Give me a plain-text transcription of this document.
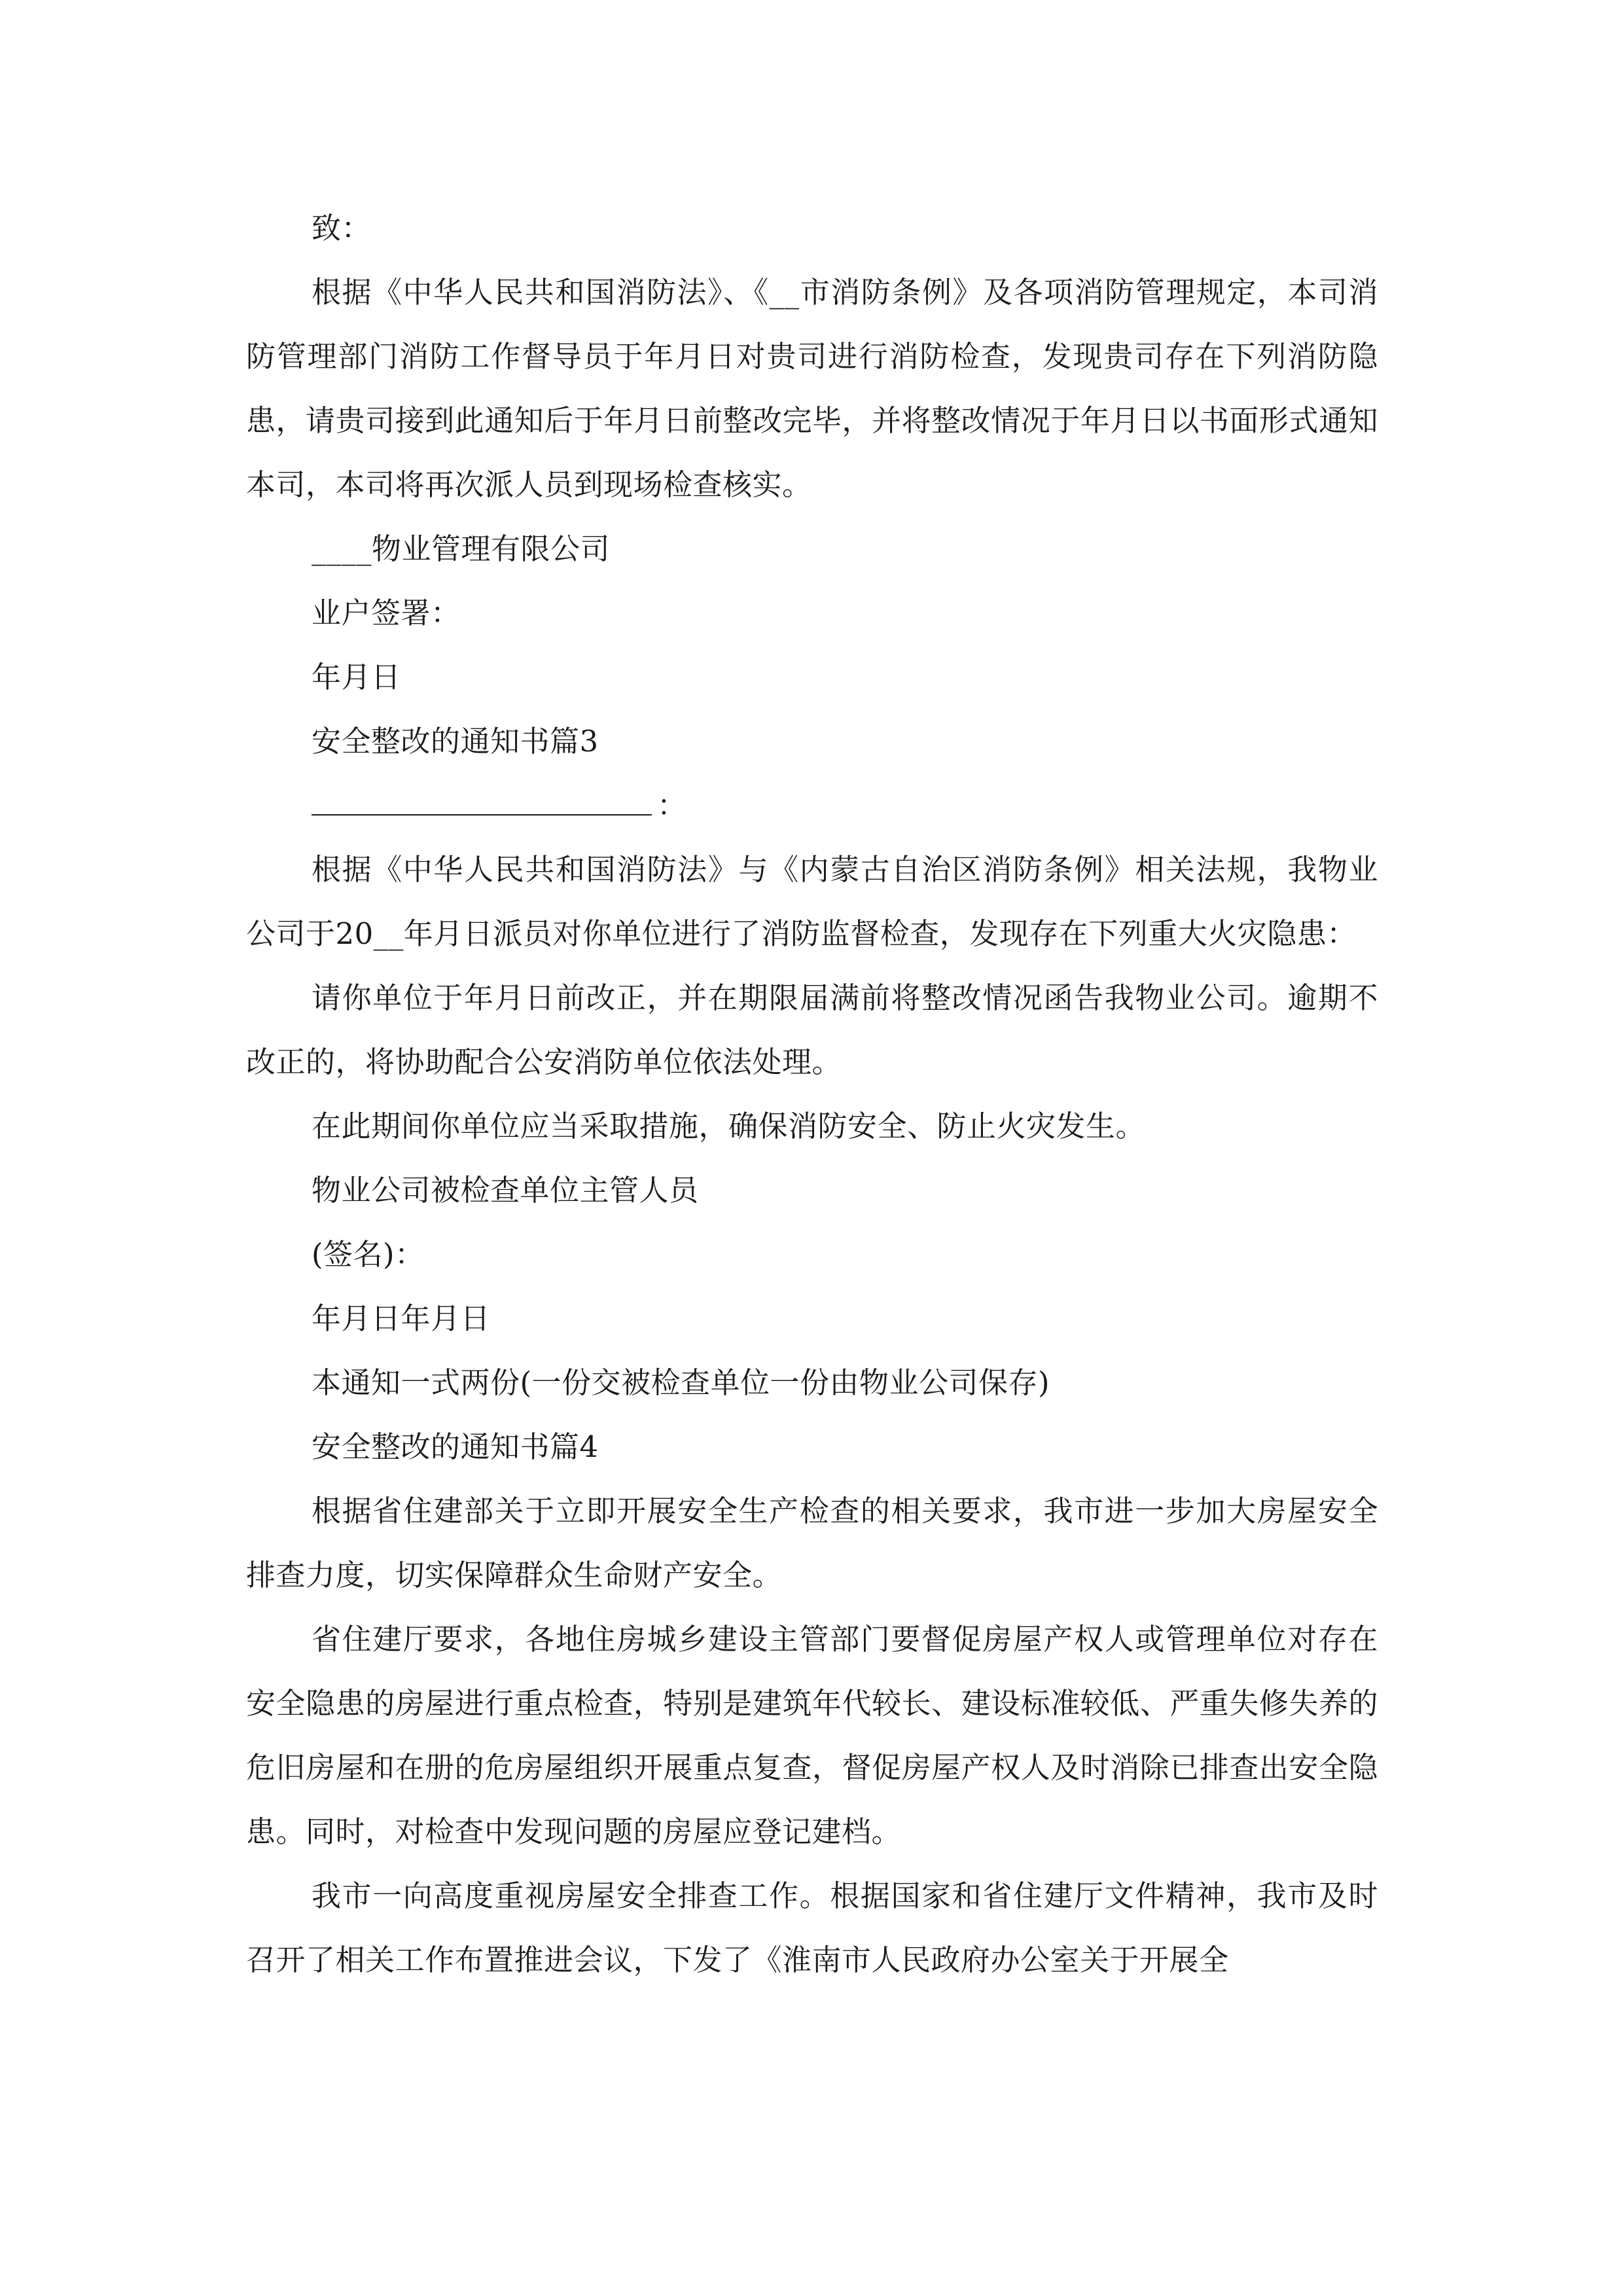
致：

根据《中华人民共和国消防法》、《__市消防条例》及各项消防管理规定，本司消防管理部门消防工作督导员于年月日对贵司进行消防检查，发现贵司存在下列消防隐患，请贵司接到此通知后于年月日前整改完毕，并将整改情况于年月日以书面形式通知本司，本司将再次派人员到现场检查核实。

____物业管理有限公司

业户签署：

年月日

安全整改的通知书篇3

：

根据《中华人民共和国消防法》与《内蒙古自治区消防条例》相关法规，我物业公司于20__年月日派员对你单位进行了消防监督检查，发现存在下列重大火灾隐患：

请你单位于年月日前改正，并在期限届满前将整改情况函告我物业公司。逾期不改正的，将协助配合公安消防单位依法处理。

在此期间你单位应当采取措施，确保消防安全、防止火灾发生。

物业公司被检查单位主管人员

(签名)：

年月日年月日

本通知一式两份(一份交被检查单位一份由物业公司保存)

安全整改的通知书篇4

根据省住建部关于立即开展安全生产检查的相关要求，我市进一步加大房屋安全排查力度，切实保障群众生命财产安全。

省住建厅要求，各地住房城乡建设主管部门要督促房屋产权人或管理单位对存在安全隐患的房屋进行重点检查，特别是建筑年代较长、建设标准较低、严重失修失养的危旧房屋和在册的危房屋组织开展重点复查，督促房屋产权人及时消除已排查出安全隐患。同时，对检查中发现问题的房屋应登记建档。

我市一向高度重视房屋安全排查工作。根据国家和省住建厅文件精神，我市及时召开了相关工作布置推进会议，下发了《淮南市人民政府办公室关于开展全
